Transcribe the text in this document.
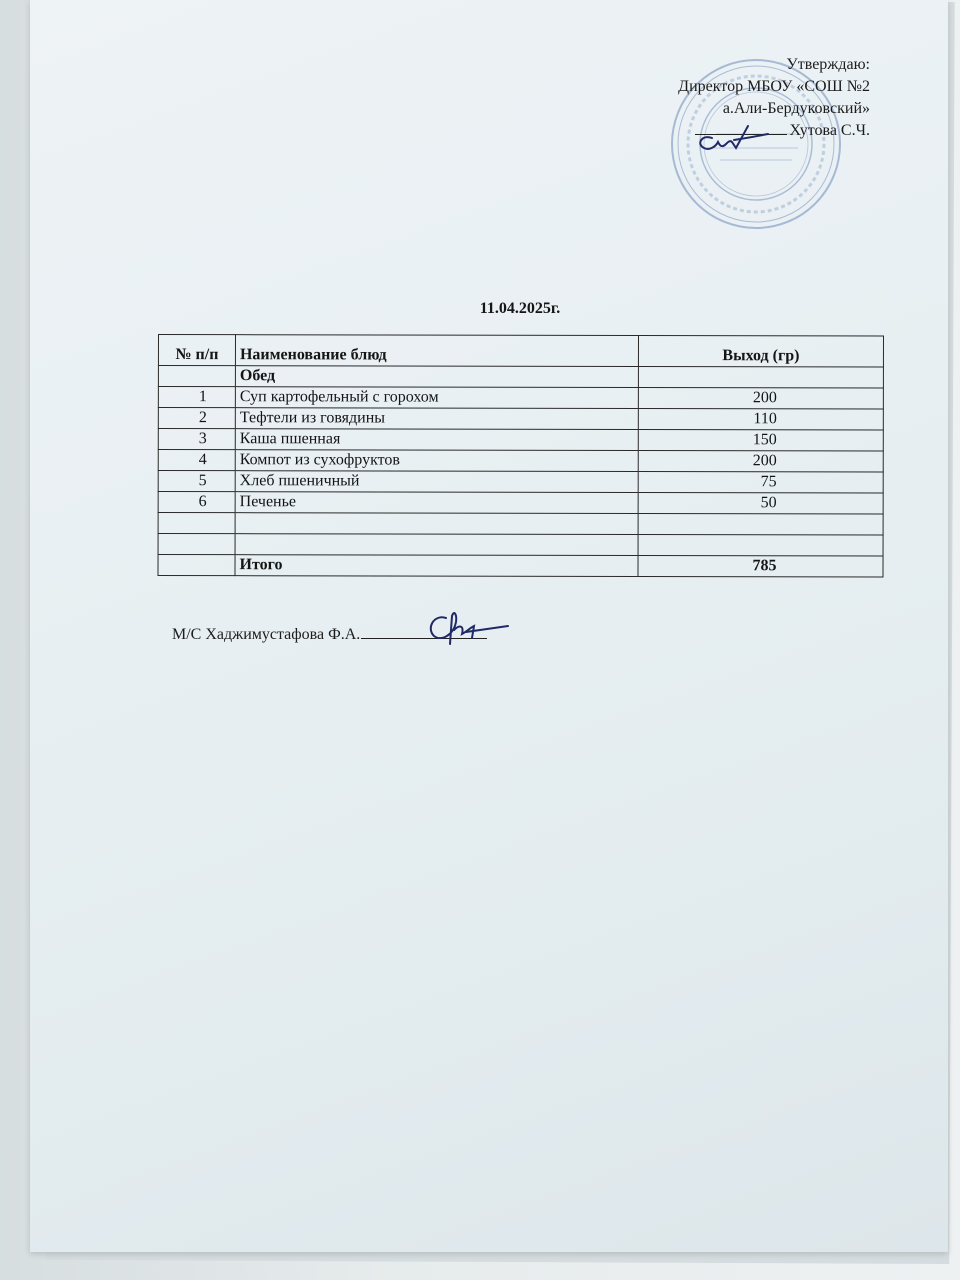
Утверждаю:
Директор МБОУ «СОШ №2
а.Али-Бердуковский»
Хутова С.Ч.
11.04.2025г.
№ п/п	Наименование блюд	Выход (гр)
	Обед	
1	Суп картофельный с горохом	200
2	Тефтели из говядины	110
3	Каша пшенная	150
4	Компот из сухофруктов	200
5	Хлеб пшеничный	75
6	Печенье	50

	Итого	785
М/С Хаджимустафова Ф.А.
